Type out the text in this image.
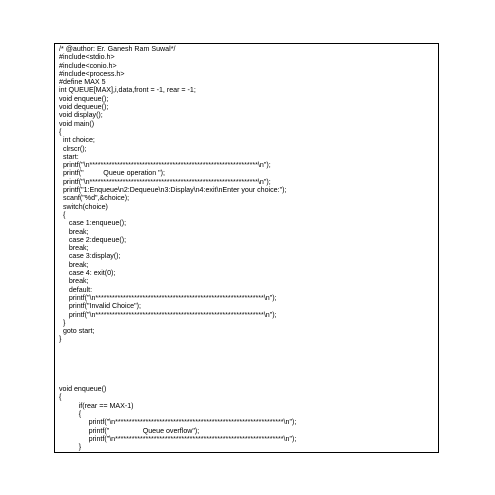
/* @author: Er. Ganesh Ram Suwal*/
#include<stdio.h>
#include<conio.h>
#include<process.h>
#define MAX 5
int QUEUE[MAX],i,data,front = -1, rear = -1;
void enqueue();
void dequeue();
void display();
void main()
{
int choice;
clrscr();
start:
printf("\n*************************************************************\n");
printf("          Queue operation ");
printf("\n*************************************************************\n");
printf("1:Enqueue\n2:Dequeue\n3:Display\n4:exit\nEnter your choice:");
scanf("%d",&choice);
switch(choice)
{
case 1:enqueue();
break;
case 2:dequeue();
break;
case 3:display();
break;
case 4: exit(0);
break;
default:
printf("\n*************************************************************\n");
printf("Invalid Choice");
printf("\n*************************************************************\n");
}
goto start;
}
void enqueue()
{
if(rear == MAX-1)
{
printf("\n*************************************************************\n");
printf("                 Queue overflow");
printf("\n*************************************************************\n");
}
